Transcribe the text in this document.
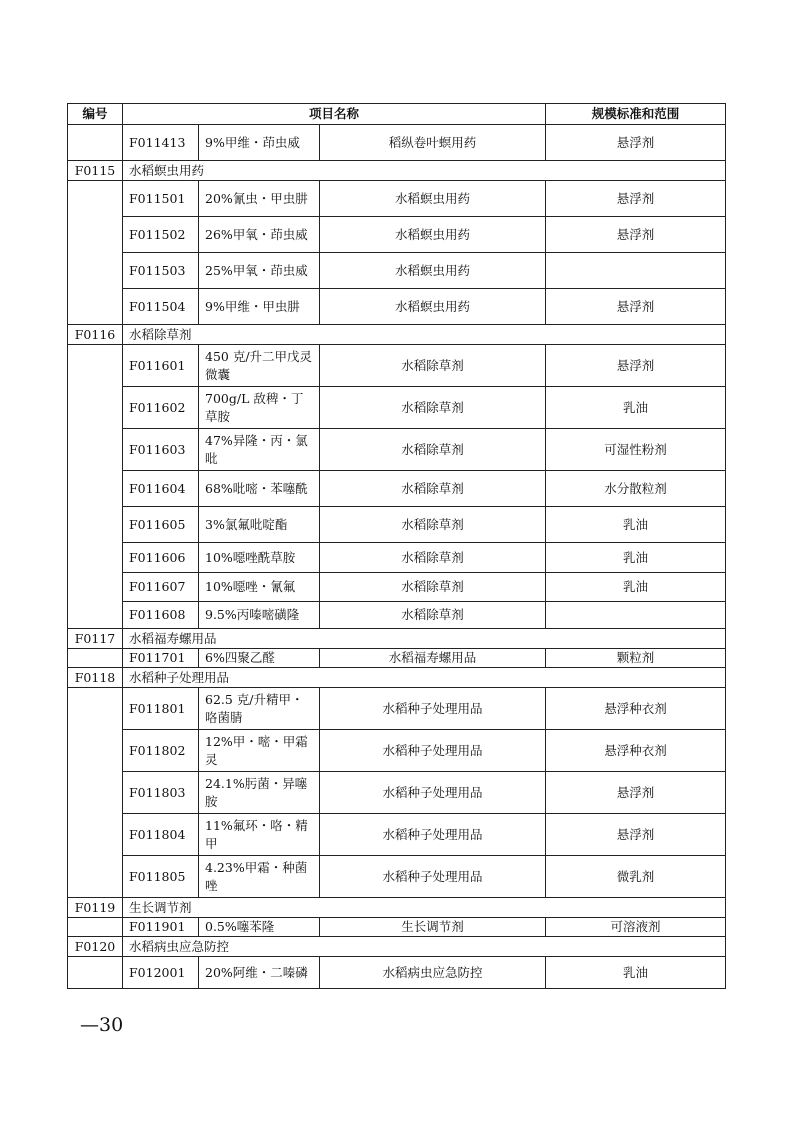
编号	项目名称			规模标准和范围
	F011413	9%甲维・茚虫威	稻纵卷叶螟用药	悬浮剂
F0115	水稻螟虫用药			
	F011501	20%氰虫・甲虫肼	水稻螟虫用药	悬浮剂
	F011502	26%甲氧・茚虫威	水稻螟虫用药	悬浮剂
	F011503	25%甲氧・茚虫威	水稻螟虫用药	
	F011504	9%甲维・甲虫肼	水稻螟虫用药	悬浮剂
F0116	水稻除草剂			
	F011601	450 克/升二甲戊灵微囊	水稻除草剂	悬浮剂
	F011602	700g/L 敌稗・丁草胺	水稻除草剂	乳油
	F011603	47%异隆・丙・氯吡	水稻除草剂	可湿性粉剂
	F011604	68%吡嘧・苯噻酰	水稻除草剂	水分散粒剂
	F011605	3%氯氟吡啶酯	水稻除草剂	乳油
	F011606	10%噁唑酰草胺	水稻除草剂	乳油
	F011607	10%噁唑・氰氟	水稻除草剂	乳油
	F011608	9.5%丙嗪嘧磺隆	水稻除草剂	
F0117	水稻福寿螺用品			
	F011701	6%四聚乙醛	水稻福寿螺用品	颗粒剂
F0118	水稻种子处理用品			
	F011801	62.5 克/升精甲・咯菌腈	水稻种子处理用品	悬浮种衣剂
	F011802	12%甲・嘧・甲霜灵	水稻种子处理用品	悬浮种衣剂
	F011803	24.1%肟菌・异噻胺	水稻种子处理用品	悬浮剂
	F011804	11%氟环・咯・精甲	水稻种子处理用品	悬浮剂
	F011805	4.23%甲霜・种菌唑	水稻种子处理用品	微乳剂
F0119	生长调节剂			
	F011901	0.5%噻苯隆	生长调节剂	可溶液剂
F0120	水稻病虫应急防控			
	F012001	20%阿维・二嗪磷	水稻病虫应急防控	乳油
—30
